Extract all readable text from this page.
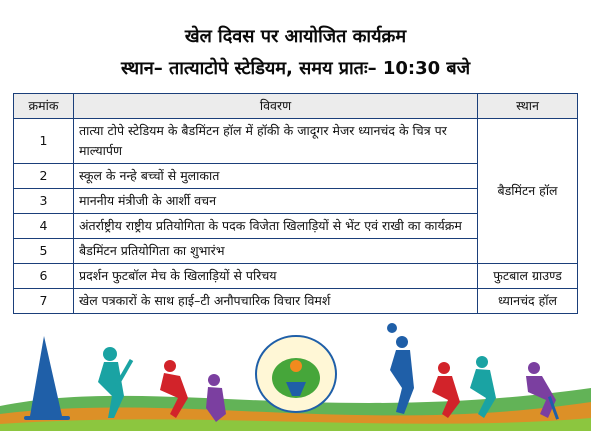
खेल दिवस पर आयोजित कार्यक्रम
स्थान– तात्याटोपे स्टेडियम, समय प्रातः– 10:30 बजे
क्रमांक	विवरण	स्थान
1	तात्या टोपे स्टेडियम के बैडमिंटन हॉल में हॉकी के जादूगर मेजर ध्यानचंद के चित्र पर माल्यार्पण	बैडमिंटन हॉल
2	स्कूल के नन्हे बच्चों से मुलाकात	
3	माननीय मंत्रीजी के आर्शी वचन	
4	अंतर्राष्ट्रीय राष्ट्रीय प्रतियोगिता के पदक विजेता खिलाड़ियों से भेंट एवं राखी का कार्यक्रम	
5	बैडमिंटन प्रतियोगिता का शुभारंभ	
6	प्रदर्शन फुटबॉल मेच के खिलाड़ियों से परिचय	फुटबाल ग्राउण्ड
7	खेल पत्रकारों के साथ हाई–टी अनौपचारिक विचार विमर्श	ध्यानचंद हॉल
